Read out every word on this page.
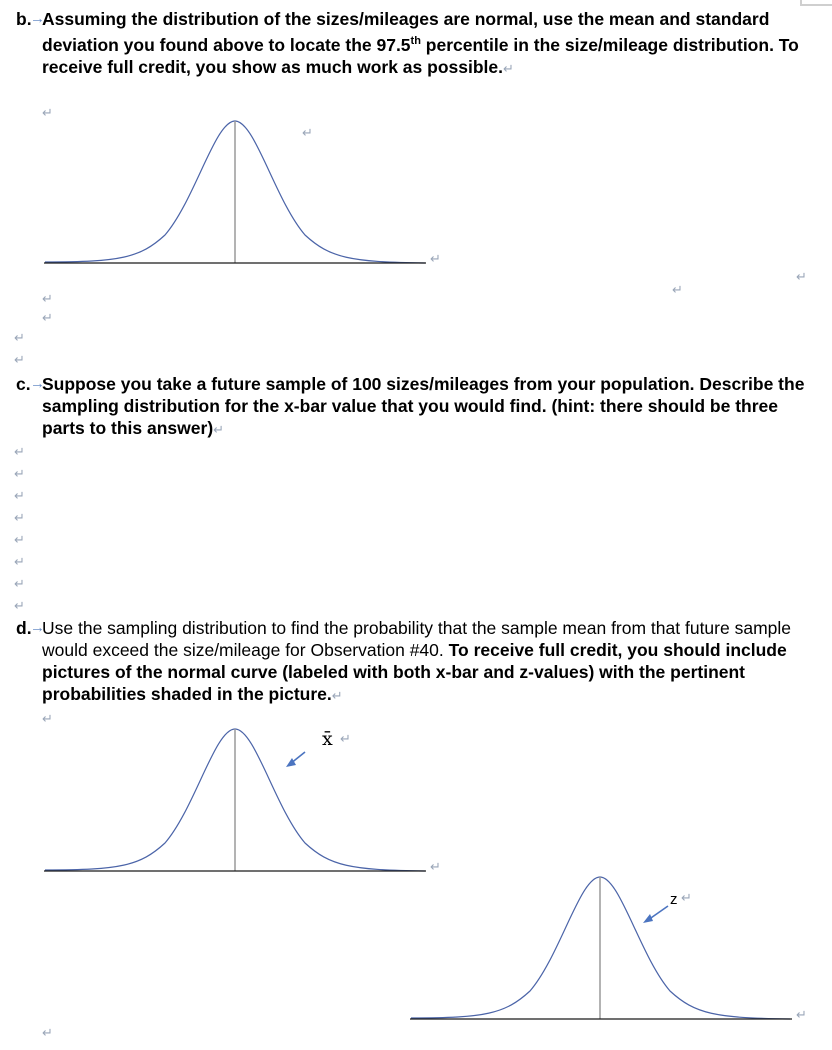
b.
→
Assuming the distribution of the sizes/mileages are normal, use the mean and standard deviation you found above to locate the 97.5th percentile in the size/mileage distribution. To receive full credit, you show as much work as possible.↵
c. →
Suppose you take a future sample of 100 sizes/mileages from your population. Describe the sampling distribution for the x-bar value that you would find. (hint: there should be three parts to this answer)↵
d.
→
Use the sampling distribution to find the probability that the sample mean from that future sample would exceed the size/mileage for Observation #40. To receive full credit, you should include pictures of the normal curve (labeled with both x-bar and z-values) with the pertinent probabilities shaded in the picture.↵
↵
↵
↵
↵
↵
↵
↵
↵
↵
↵
↵
↵
↵
↵
↵
↵
↵
↵
↵
↵
↵
x̄ ↵
z ↵
